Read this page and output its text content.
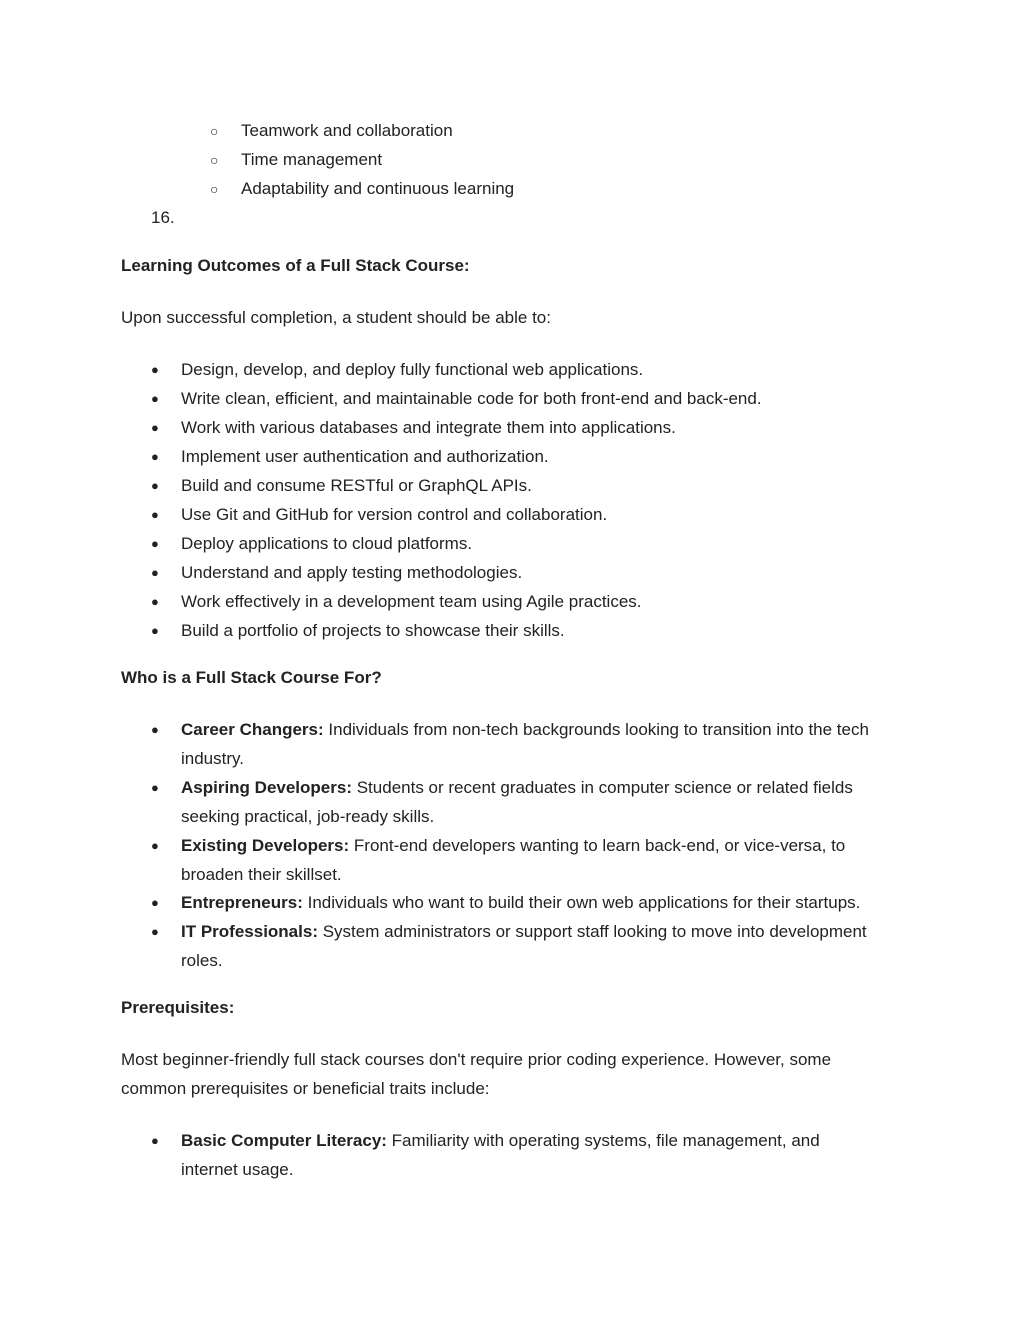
○ Teamwork and collaboration
○ Time management
○ Adaptability and continuous learning
16.
Learning Outcomes of a Full Stack Course:
Upon successful completion, a student should be able to:
● Design, develop, and deploy fully functional web applications.
● Write clean, efficient, and maintainable code for both front-end and back-end.
● Work with various databases and integrate them into applications.
● Implement user authentication and authorization.
● Build and consume RESTful or GraphQL APIs.
● Use Git and GitHub for version control and collaboration.
● Deploy applications to cloud platforms.
● Understand and apply testing methodologies.
● Work effectively in a development team using Agile practices.
● Build a portfolio of projects to showcase their skills.
Who is a Full Stack Course For?
● Career Changers: Individuals from non-tech backgrounds looking to transition into the tech
industry.
● Aspiring Developers: Students or recent graduates in computer science or related fields
seeking practical, job-ready skills.
● Existing Developers: Front-end developers wanting to learn back-end, or vice-versa, to
broaden their skillset.
● Entrepreneurs: Individuals who want to build their own web applications for their startups.
● IT Professionals: System administrators or support staff looking to move into development
roles.
Prerequisites:
Most beginner-friendly full stack courses don't require prior coding experience. However, some
common prerequisites or beneficial traits include:
● Basic Computer Literacy: Familiarity with operating systems, file management, and
internet usage.
